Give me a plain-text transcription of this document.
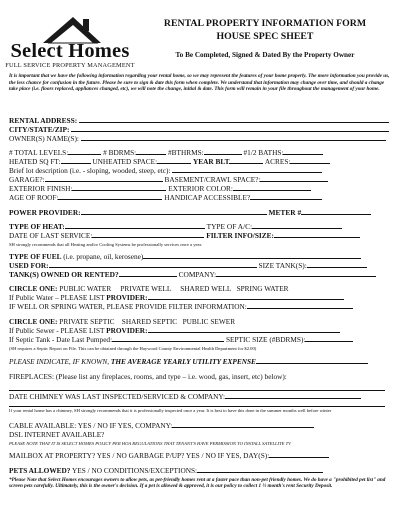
Select Homes
FULL SERVICE PROPERTY MANAGEMENT
RENTAL PROPERTY INFORMATION FORM
HOUSE SPEC SHEET
To Be Completed, Signed & Dated By the Property Owner
It is important that we have the following information regarding your rental home, so we may represent the features of your home properly. The more information you provide us, the less chance for confusion in the future. Please be sure to sign & date this form when complete. We understand that information may change over time, and should a change take place (i.e. floors replaced, appliances changed, etc), we will note the change, initial & date. This form will remain in your file throughout the management of your home.
RENTAL ADDRESS:
CITY/STATE/ZIP:
OWNER(S) NAME(S):
# TOTAL LEVELS:	# BDRMS:	#BTHRMS:	#1/2 BATHS:
HEATED SQ FT:	UNHEATED SPACE:	YEAR BLT	ACRES:
Brief lot description (i.e. - sloping, wooded, steep, etc):
GARAGE?:	BASEMENT/CRAWL SPACE?:
EXTERIOR FINISH:	EXTERIOR COLOR:
AGE OF ROOF:	HANDICAP ACCESSIBLE?
POWER PROVIDER:	METER #
TYPE OF HEAT:	TYPE OF A/C:
DATE OF LAST SERVICE:	FILTER INFO/SIZE:
SH strongly recommends that all Heating and/or Cooling Systems be professionally services once a year.
TYPE OF FUEL (i.e. propane, oil, kerosene)
USED FOR:	SIZE TANK(S):
TANK(S) OWNED OR RENTED?	COMPANY:
CIRCLE ONE: PUBLIC WATER     PRIVATE WELL     SHARED WELL   SPRING WATER
If Public Water – PLEASE LIST PROVIDER:
IF WELL OR SPRING WATER, PLEASE PROVIDE FILTER INFORMATION:
CIRCLE ONE: PRIVATE SEPTIC    SHARED SEPTIC   PUBLIC SEWER
If Public Sewer - PLEASE LIST PROVIDER:
If Septic Tank - Date Last Pumped:	SEPTIC SIZE (#BDRMS):
(SH requires a Septic Report on File. This can be obtained through the Haywood County Environmental Health Department for $2.00)
PLEASE INDICATE, IF KNOWN, THE AVERAGE YEARLY UTILITY EXPENSE
FIREPLACES: (Please list any fireplaces, rooms, and type – i.e. wood, gas, insert, etc) below):
DATE CHIMNEY WAS LAST INSPECTED/SERVICED & COMPANY:
If your rental home has a chimney, SH strongly recommends that it is professionally inspected once a year. It is best to have this done in the summer months well before winter
CABLE AVAILABLE: YES / NO IF YES, COMPANY:
DSL INTERNET AVAILABLE?
PLEASE NOTE THAT IT IS SELECT HOMES POLICY PER HOA REGULATIONS THAT TENANT'S HAVE PERMISSION TO INSTALL SATELLITE TV
MAILBOX AT PROPERTY? YES / NO GARBAGE P/UP? YES / NO IF YES, DAY(S):
PETS ALLOWED? YES / NO CONDITIONS/EXCEPTIONS:
*Please Note that Select Homes encourages owners to allow pets, as pet-friendly homes rent at a faster pace than non-pet friendly homes. We do have a "prohibited pet list" and screen pets carefully. Ultimately, this is the owner's decision. If a pet is allowed & approved, it is our policy to collect 1 ½ month's rent Security Deposit.
